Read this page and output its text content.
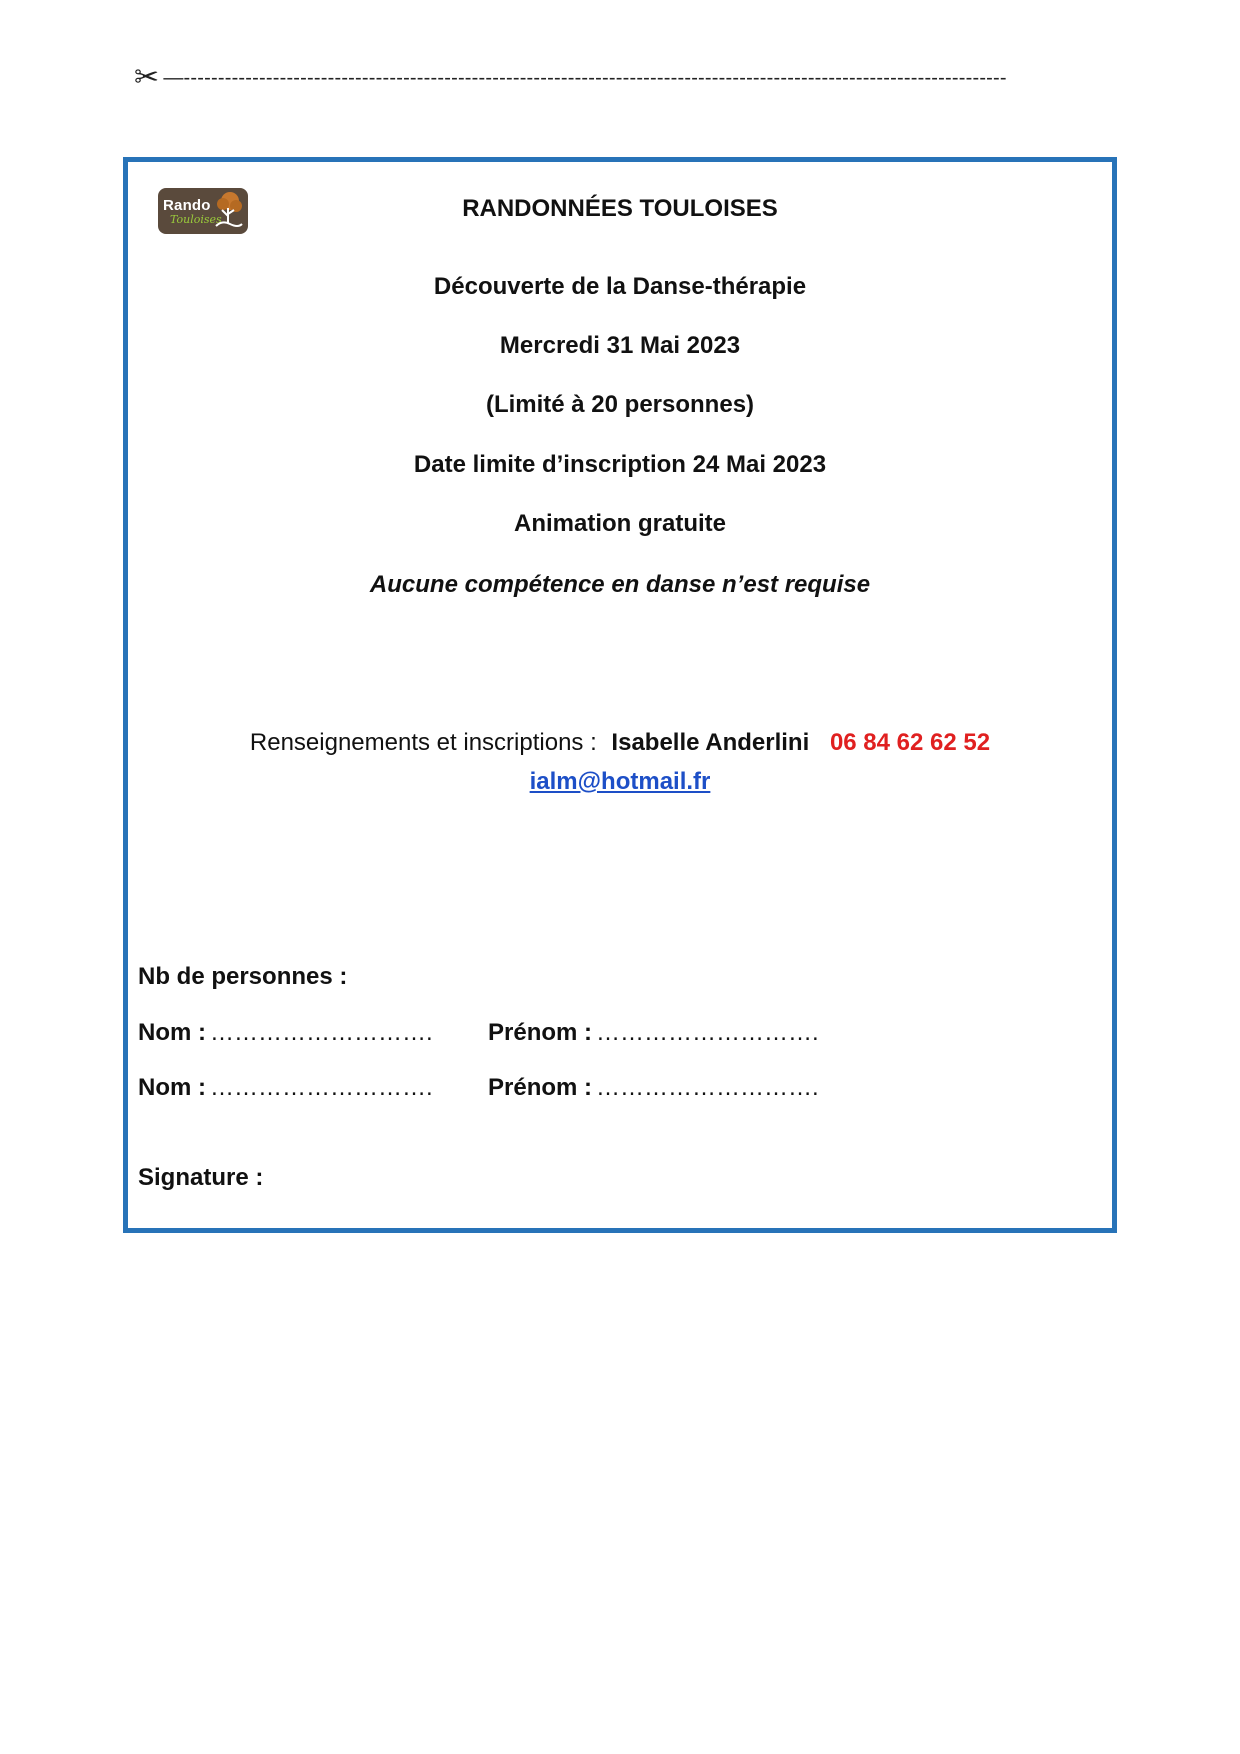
✂ —------------------------------------------------------------------------------------------------------------------------
Rando
Touloises	RANDONNÉES TOULOISES
Découverte de la Danse-thérapie
Mercredi 31 Mai 2023
(Limité à 20 personnes)
Date limite d’inscription 24 Mai 2023
Animation gratuite
Aucune compétence en danse n’est requise
Renseignements et inscriptions : Isabelle Anderlini 06 84 62 62 52
ialm@hotmail.fr
Nb de personnes :
Nom : ………………………. Prénom : ……………………….
Nom : ………………………. Prénom : ……………………….
Signature :
